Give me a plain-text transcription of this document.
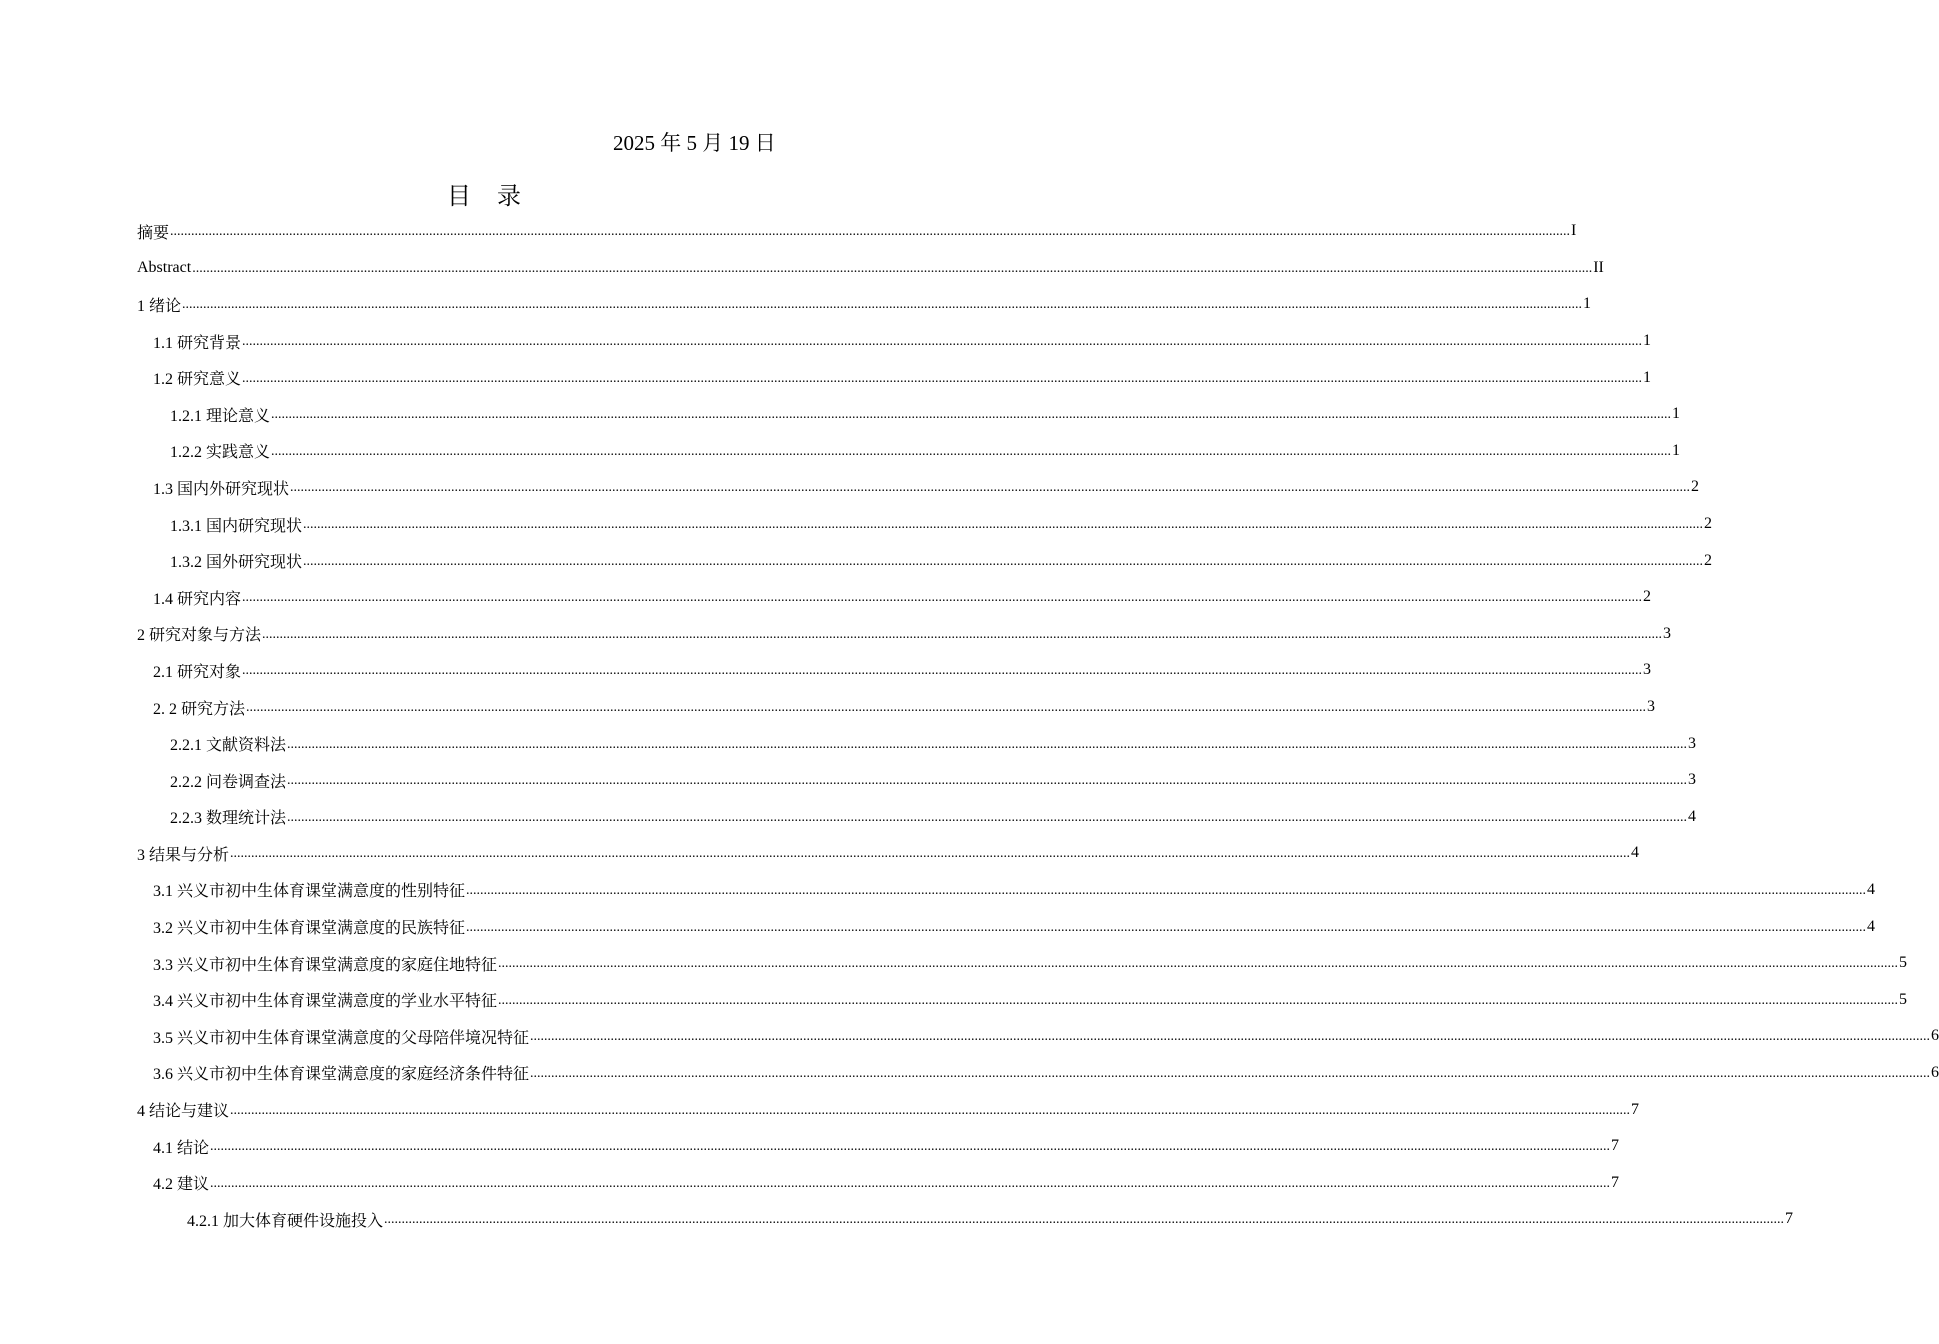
2025 年 5 月 19 日
目 录
摘要 ................................................................................................................................................................................................................................................................................................................................................................................................................ I
Abstract ................................................................................................................................................................................................................................................................................................................................................................................................................ II
1 绪论 ................................................................................................................................................................................................................................................................................................................................................................................................................ 1
1.1 研究背景 ................................................................................................................................................................................................................................................................................................................................................................................................................ 1
1.2 研究意义 ................................................................................................................................................................................................................................................................................................................................................................................................................ 1
1.2.1 理论意义 ................................................................................................................................................................................................................................................................................................................................................................................................................ 1
1.2.2 实践意义 ................................................................................................................................................................................................................................................................................................................................................................................................................ 1
1.3 国内外研究现状 ................................................................................................................................................................................................................................................................................................................................................................................................................ 2
1.3.1 国内研究现状 ................................................................................................................................................................................................................................................................................................................................................................................................................ 2
1.3.2 国外研究现状 ................................................................................................................................................................................................................................................................................................................................................................................................................ 2
1.4 研究内容 ................................................................................................................................................................................................................................................................................................................................................................................................................ 2
2 研究对象与方法 ................................................................................................................................................................................................................................................................................................................................................................................................................ 3
2.1 研究对象 ................................................................................................................................................................................................................................................................................................................................................................................................................ 3
2. 2 研究方法 ................................................................................................................................................................................................................................................................................................................................................................................................................ 3
2.2.1 文献资料法 ................................................................................................................................................................................................................................................................................................................................................................................................................ 3
2.2.2 问卷调查法 ................................................................................................................................................................................................................................................................................................................................................................................................................ 3
2.2.3 数理统计法 ................................................................................................................................................................................................................................................................................................................................................................................................................ 4
3 结果与分析 ................................................................................................................................................................................................................................................................................................................................................................................................................ 4
3.1 兴义市初中生体育课堂满意度的性别特征 ................................................................................................................................................................................................................................................................................................................................................................................................................ 4
3.2 兴义市初中生体育课堂满意度的民族特征 ................................................................................................................................................................................................................................................................................................................................................................................................................ 4
3.3 兴义市初中生体育课堂满意度的家庭住地特征 ................................................................................................................................................................................................................................................................................................................................................................................................................ 5
3.4 兴义市初中生体育课堂满意度的学业水平特征 ................................................................................................................................................................................................................................................................................................................................................................................................................ 5
3.5 兴义市初中生体育课堂满意度的父母陪伴境况特征 ................................................................................................................................................................................................................................................................................................................................................................................................................ 6
3.6 兴义市初中生体育课堂满意度的家庭经济条件特征 ................................................................................................................................................................................................................................................................................................................................................................................................................ 6
4 结论与建议 ................................................................................................................................................................................................................................................................................................................................................................................................................ 7
4.1 结论 ................................................................................................................................................................................................................................................................................................................................................................................................................ 7
4.2 建议 ................................................................................................................................................................................................................................................................................................................................................................................................................ 7
4.2.1 加大体育硬件设施投入 ................................................................................................................................................................................................................................................................................................................................................................................................................ 7
